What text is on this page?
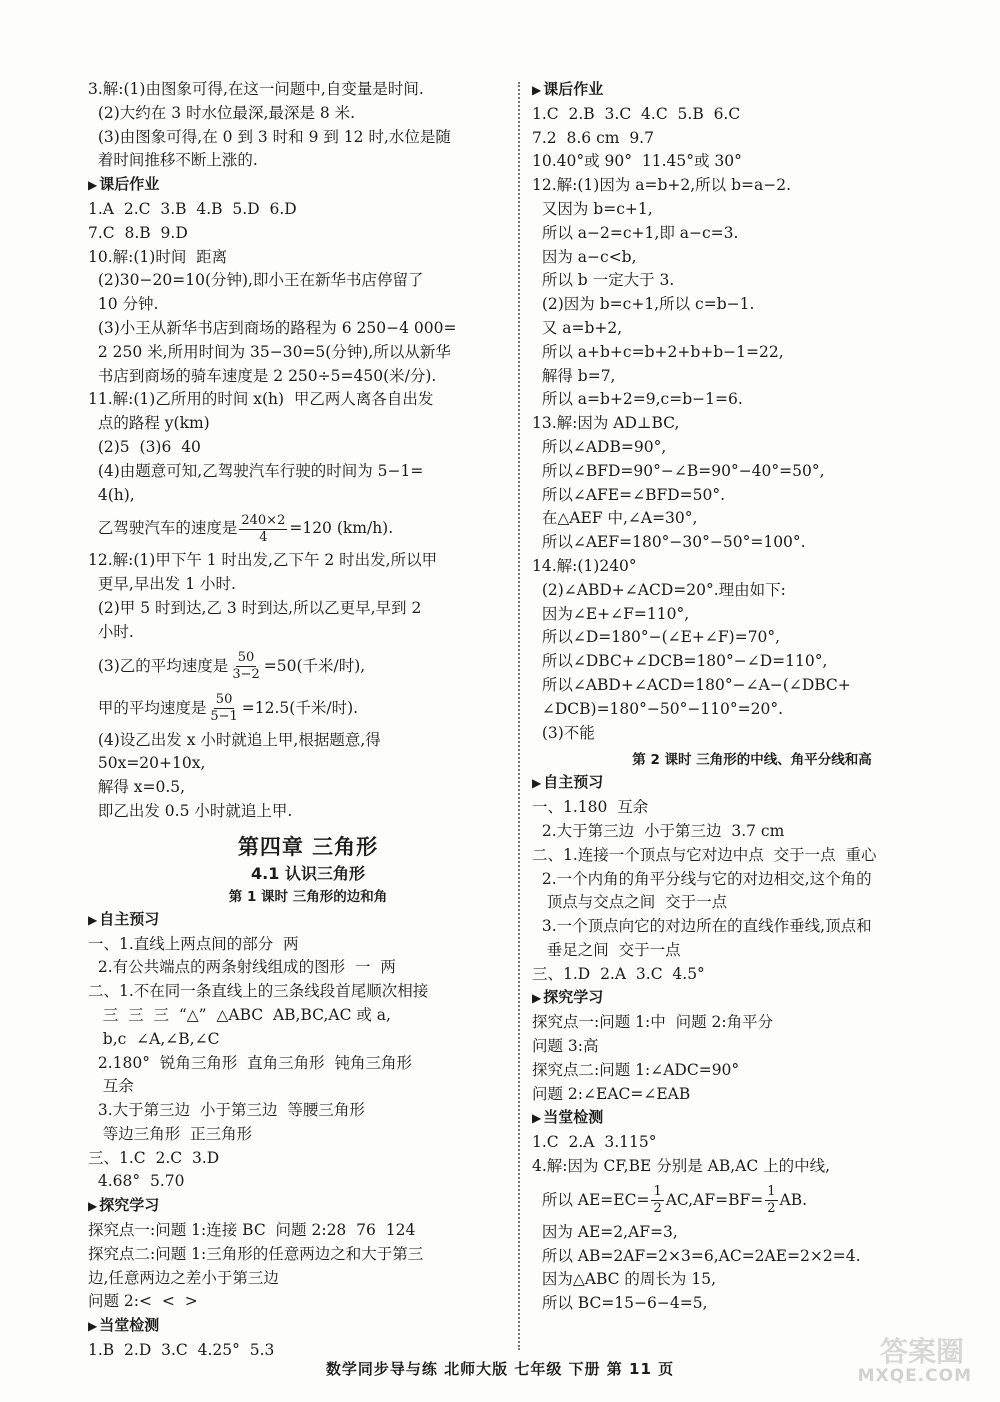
3.解:(1)由图象可得,在这一问题中,自变量是时间.
(2)大约在 3 时水位最深,最深是 8 米.
(3)由图象可得,在 0 到 3 时和 9 到 12 时,水位是随
着时间推移不断上涨的.
▶ 课后作业
1.A  2.C  3.B  4.B  5.D  6.D
7.C  8.B  9.D
10.解:(1)时间  距离
(2)30−20=10(分钟),即小王在新华书店停留了
10 分钟.
(3)小王从新华书店到商场的路程为 6 250−4 000=
2 250 米,所用时间为 35−30=5(分钟),所以从新华
书店到商场的骑车速度是 2 250÷5=450(米/分).
11.解:(1)乙所用的时间 x(h)  甲乙两人离各自出发
点的路程 y(km)
(2)5  (3)6  40
(4)由题意可知,乙驾驶汽车行驶的时间为 5−1=
4(h),
乙驾驶汽车的速度是 $\frac{240\times 2}{4} =120$ (km/h).
12.解:(1)甲下午 1 时出发,乙下午 2 时出发,所以甲
更早,早出发 1 小时.
(2)甲 5 时到达,乙 3 时到达,所以乙更早,早到 2
小时.
(3)乙的平均速度是 $\frac{50}{3-2} =50$(千米/时),
甲的平均速度是 $\frac{50}{5-1} =12.5$(千米/时).
(4)设乙出发 x 小时就追上甲,根据题意,得
50x=20+10x,
解得 x=0.5,
即乙出发 0.5 小时就追上甲.
第四章 三角形
4.1 认识三角形
第 1 课时 三角形的边和角
▶ 自主预习
一、1.直线上两点间的部分  两
2.有公共端点的两条射线组成的图形  一  两
二、1.不在同一条直线上的三条线段首尾顺次相接
三  三  三  “△”  △ABC  AB,BC,AC 或 a,
b,c  ∠A,∠B,∠C
2.180°  锐角三角形  直角三角形  钝角三角形
互余
3.大于第三边  小于第三边  等腰三角形
等边三角形  正三角形
三、1.C  2.C  3.D
4.68°  5.70
▶ 探究学习
探究点一:问题 1:连接 BC  问题 2:28  76  124
探究点二:问题 1:三角形的任意两边之和大于第三
边,任意两边之差小于第三边
问题 2:<  <  >
▶ 当堂检测
1.B  2.D  3.C  4.25°  5.3
▶ 课后作业
1.C  2.B  3.C  4.C  5.B  6.C
7.2  8.6 cm  9.7
10.40°或 90°  11.45°或 30°
12.解:(1)因为 a=b+2,所以 b=a−2.
又因为 b=c+1,
所以 a−2=c+1,即 a−c=3.
因为 a−c<b,
所以 b 一定大于 3.
(2)因为 b=c+1,所以 c=b−1.
又 a=b+2,
所以 a+b+c=b+2+b+b−1=22,
解得 b=7,
所以 a=b+2=9,c=b−1=6.
13.解:因为 AD⊥BC,
所以∠ADB=90°,
所以∠BFD=90°−∠B=90°−40°=50°,
所以∠AFE=∠BFD=50°.
在△AEF 中,∠A=30°,
所以∠AEF=180°−30°−50°=100°.
14.解:(1)240°
(2)∠ABD+∠ACD=20°.理由如下:
因为∠E+∠F=110°,
所以∠D=180°−(∠E+∠F)=70°,
所以∠DBC+∠DCB=180°−∠D=110°,
所以∠ABD+∠ACD=180°−∠A−(∠DBC+
∠DCB)=180°−50°−110°=20°.
(3)不能
第 2 课时 三角形的中线、角平分线和高
▶ 自主预习
一、1.180  互余
2.大于第三边  小于第三边  3.7 cm
二、1.连接一个顶点与它对边中点  交于一点  重心
2.一个内角的角平分线与它的对边相交,这个角的
顶点与交点之间  交于一点
3.一个顶点向它的对边所在的直线作垂线,顶点和
垂足之间  交于一点
三、1.D  2.A  3.C  4.5°
▶ 探究学习
探究点一:问题 1:中  问题 2:角平分
问题 3:高
探究点二:问题 1:∠ADC=90°
问题 2:∠EAC=∠EAB
▶ 当堂检测
1.C  2.A  3.115°
4.解:因为 CF,BE 分别是 AB,AC 上的中线,
所以 $AE=EC= \frac{1}{2} AC,AF=BF= \frac{1}{2}$ AB.
因为 AE=2,AF=3,
所以 AB=2AF=2×3=6,AC=2AE=2×2=4.
因为△ABC 的周长为 15,
所以 BC=15−6−4=5,
数学同步导与练 北师大版 七年级 下册 第 11 页
答案圈
MXQE.COM
